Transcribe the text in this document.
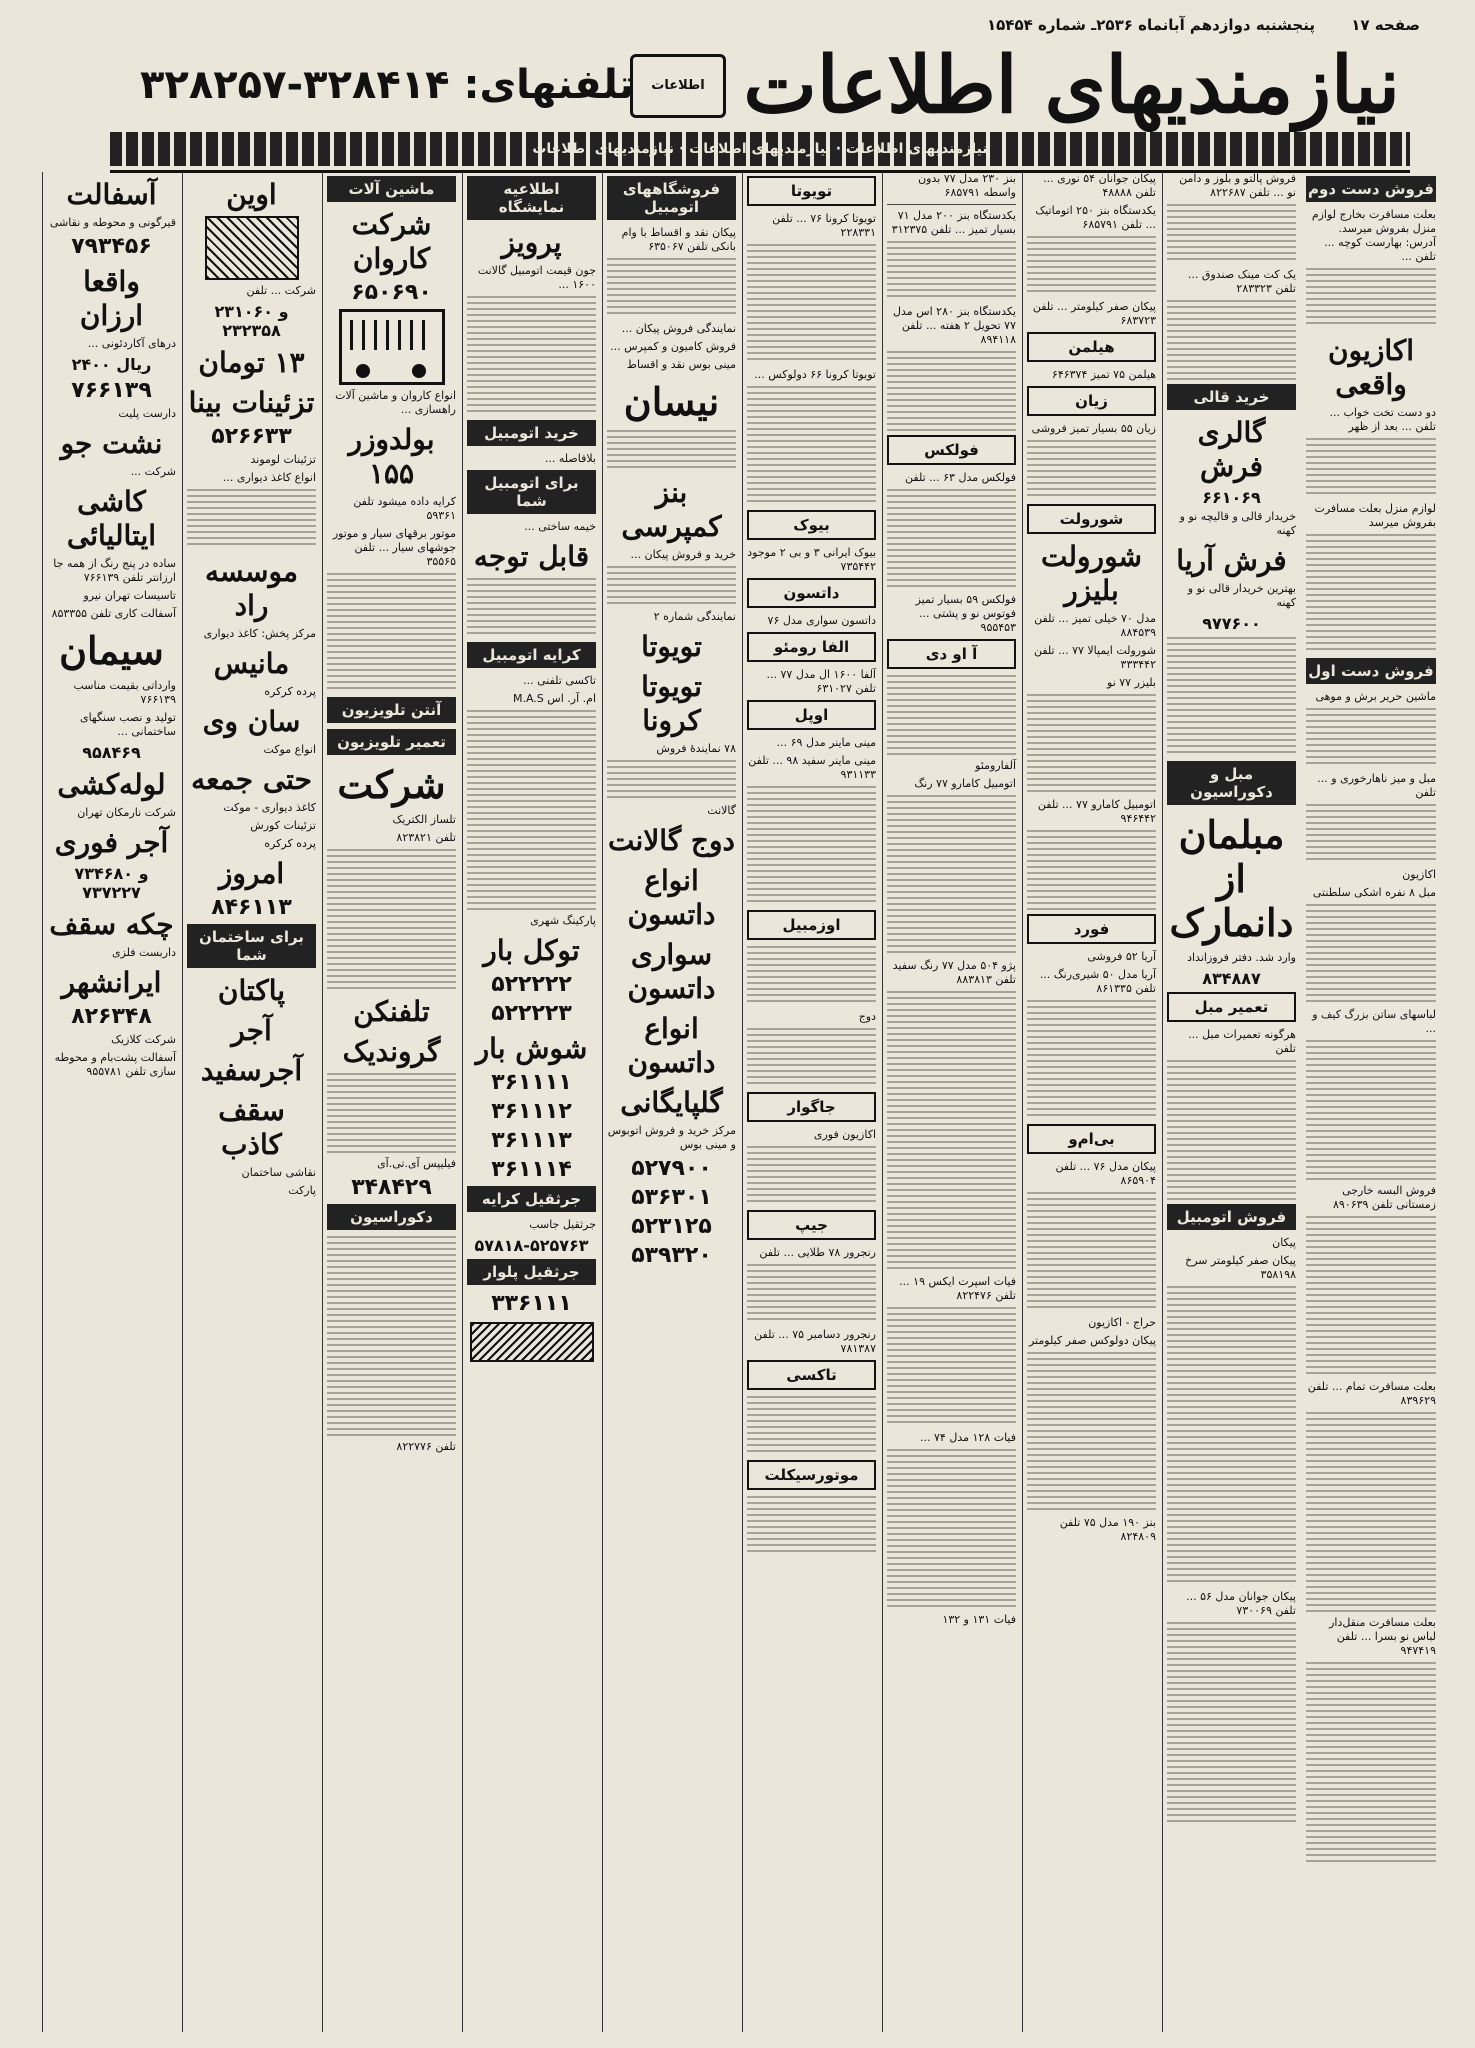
صفحه ۱۷
پنجشنبه دوازدهم آبانماه ۲۵۳۶ـ شماره ۱۵۴۵۴
نیازمندیهای اطلاعات
اطلاعات
تلفنهای: ۳۲۸۴۱۴-۳۲۸۲۵۷
نیازمندیهای اطلاعات · نیازمندیهای اطلاعات · نیازمندیهای اطلاعات
فروش دست دوم
بعلت مسافرت بخارج لوازم منزل بفروش میرسد. آدرس: بهارست کوچه ... تلفن ...
اکازیون واقعی
دو دست تخت خواب ... تلفن ... بعد از ظهر
لوازم منزل بعلت مسافرت بفروش میرسد
فروش دست اول
ماشین حرير برش و موهی
مبل و میز ناهارخوری و ... تلفن
اکازیون
مبل ۸ نفره اشکی سلطنتی
لباسهای ساتن بزرگ کیف و ...
فروش البسه خارجی زمستانی تلفن ۸۹۰۶۳۹
بعلت مسافرت تمام ... تلفن ۸۳۹۶۲۹
بعلت مسافرت منقل‌دار لباس نو بسرا ... تلفن ۹۴۷۴۱۹
فروش پالتو و بلوز و دامن نو ... تلفن ۸۲۲۶۸۷
یک کت مینک صندوق ... تلفن ۲۸۳۳۲۳
خرید قالی
گالری فرش
۶۶۱۰۶۹
خریدار قالی و قالیچه نو و کهنه
فرش آریا
بهترین خریدار قالی نو و کهنه
۹۷۷۶۰۰
مبل و دکوراسیون
مبلمان از دانمارک
وارد شد. دفتر فروزانداد
۸۳۴۸۸۷
تعمیر مبل
هرگونه تعمیرات مبل ... تلفن
فروش اتومبیل
پیکان
پیکان صفر کیلومتر سرخ ۳۵۸۱۹۸
پیکان جوانان مدل ۵۶ ... تلفن ۷۳۰۰۶۹
پیکان جوانان ۵۴ نوری ... تلفن ۴۸۸۸۸
یکدستگاه بنز ۲۵۰ اتوماتیک ... تلفن ۶۸۵۷۹۱
پیکان صفر کیلومتر ... تلفن ۶۸۳۷۲۳
هیلمن
هیلمن ۷۵ تمیز ۶۴۶۳۷۴
زیان
زیان ۵۵ بسیار تمیز فروشی
شورولت
شورولت بلیزر
مدل ۷۰ خیلی تمیز ... تلفن ۸۸۴۵۳۹
شورولت ایمپالا ۷۷ ... تلفن ۳۳۳۴۴۲
بلیزر ۷۷ نو
اتومبیل کامارو ۷۷ ... تلفن ۹۴۶۴۴۲
فورد
آریا ۵۲ فروشی
آریا مدل ۵۰ شیری‌رنگ ... تلفن ۸۶۱۳۳۵
بی‌ام‌و
پیکان مدل ۷۶ ... تلفن ۸۶۵۹۰۴
حراج - اکازیون
پیکان دولوکس صفر کیلومتر
بنز ۱۹۰ مدل ۷۵ تلفن ۸۲۴۸۰۹
بنز ۲۳۰ مدل ۷۷ بدون واسطه ۶۸۵۷۹۱
یکدستگاه بنز ۲۰۰ مدل ۷۱ بسیار تمیز ... تلفن ۳۱۲۳۷۵
یکدستگاه بنز ۲۸۰ اس مدل ۷۷ تحویل ۲ هفته ... تلفن ۸۹۴۱۱۸
فولکس
فولکس مدل ۶۳ ... تلفن
فولکس ۵۹ بسیار تمیز فوتوس نو و پشتی ... ۹۵۵۴۵۳
آ او دی
آلفارومئو
اتومبیل کامارو ۷۷ رنگ
پژو ۵۰۴ مدل ۷۷ رنگ سفید تلفن ۸۸۳۸۱۳
فیات اسپرت ایکس ۱۹ ... تلفن ۸۲۲۴۷۶
فیات ۱۲۸ مدل ۷۴ ...
فیات ۱۳۱ و ۱۳۲
تویوتا
تویوتا کرونا ۷۶ ... تلفن ۲۲۸۳۳۱
تویوتا کرونا ۶۶ دولوکس ...
بیوک
بیوک ایرانی ۳ و بی ۲ موجود ۷۳۵۴۴۲
داتسون
داتسون سواری مدل ۷۶
الفا رومئو
آلفا ۱۶۰۰ ال مدل ۷۷ ... تلفن ۶۳۱۰۲۷
اوپل
مینی ماینر مدل ۶۹ ...
مینی ماینر سفید ۹۸ ... تلفن ۹۳۱۱۳۳
اوزمبیل
دوج
جاگوار
اکازیون فوری
جیپ
رنجرور ۷۸ طلایی ... تلفن
رنجرور دسامبر ۷۵ ... تلفن ۷۸۱۳۸۷
تاکسی
موتورسیکلت
فروشگاههای اتومبیل
پیکان نقد و اقساط با وام بانکی تلفن ۶۳۵۰۶۷
نمایندگی فروش پیکان ...
فروش کامیون و کمپرس ...
مینی بوس نقد و اقساط
نیسان
بنز کمپرسی
خرید و فروش پیکان ...
نمایندگی شماره ۲
تویوتا
تویوتا کرونا
۷۸ نمایندهٔ فروش
گالانت
دوج گالانت
انواع داتسون
سواری داتسون
انواع داتسون
گلپایگانی
مرکز خرید و فروش اتوبوس و مینی بوس
۵۲۷۹۰۰
۵۳۶۳۰۱
۵۲۳۱۲۵
۵۳۹۳۲۰
اطلاعیه نمایشگاه
پرویز
جون قیمت اتومبیل گالانت ۱۶۰۰ ...
خرید اتومبیل
بلافاصله ...
برای اتومبیل شما
خیمه ساختی ...
قابل توجه
کرایه اتومبیل
تاکسی تلفنی ...
ام. آر. اس M.A.S
پارکینگ شهری
توکل بار
۵۲۲۲۲۲
۵۲۲۲۲۳
شوش بار
۳۶۱۱۱۱
۳۶۱۱۱۲
۳۶۱۱۱۳
۳۶۱۱۱۴
جرثقیل کرایه
جرثقیل جاسب
۵۷۸۱۸-۵۲۵۷۶۳
جرثقیل پلوار
۳۳۶۱۱۱
ماشین آلات
شرکت کاروان
۶۵۰۶۹۰
انواع کاروان و ماشین آلات راهسازی ...
بولدوزر ۱۵۵
کرایه داده میشود تلفن ۵۹۳۶۱
موتور برقهای سیار و موتور جوشهای سیار ... تلفن ۳۵۵۶۵
آنتن تلویزیون
تعمیر تلویزیون
شرکت
تلساز الکتریک
تلفن ۸۲۳۸۲۱
تلفنکن
گروندیک
فیلیپس آی.تی.آی
۳۴۸۴۲۹
دکوراسیون
تلفن ۸۲۲۷۷۶
اوین
شرکت ... تلفن
۲۳۱۰۶۰ و ۲۳۲۳۵۸
۱۳ تومان
تزئینات بینا
۵۲۶۶۳۳
تزئینات لوموند
انواع کاغذ دیواری ...
موسسه راد
مرکز پخش: کاغذ دیواری
مانیس
پرده کرکره
سان وی
انواع موکت
حتی جمعه
کاغذ دیواری - موکت
تزئینات کورش
پرده کرکره
امروز
۸۴۶۱۱۳
برای ساختمان شما
پاکتان
آجر
آجرسفید
سقف کاذب
نقاشی ساختمان
پارکت
آسفالت
قیرگونی و محوطه و نقاشی
۷۹۳۴۵۶
واقعا ارزان
درهای آکاردئونی ...
۲۴۰۰ ریال
۷۶۶۱۳۹
دارست پلیت
نشت جو
شرکت ...
کاشی ایتالیائی
ساده در پنج رنگ از همه جا ارزانتر تلفن ۷۶۶۱۳۹
تاسیسات تهران نیرو
آسفالت کاری تلفن ۸۵۳۳۵۵
سیمان
وارداتی بقیمت مناسب ۷۶۶۱۳۹
تولید و نصب سنگهای ساختمانی ...
۹۵۸۴۶۹
لوله‌کشی
شرکت نارمکان تهران
آجر فوری
۷۳۴۶۸۰ و ۷۳۷۲۲۷
چکه سقف
داربست فلزی
ایرانشهر
۸۲۶۳۴۸
شرکت کلازیک
آسفالت پشت‌بام و محوطه سازی تلفن ۹۵۵۷۸۱
